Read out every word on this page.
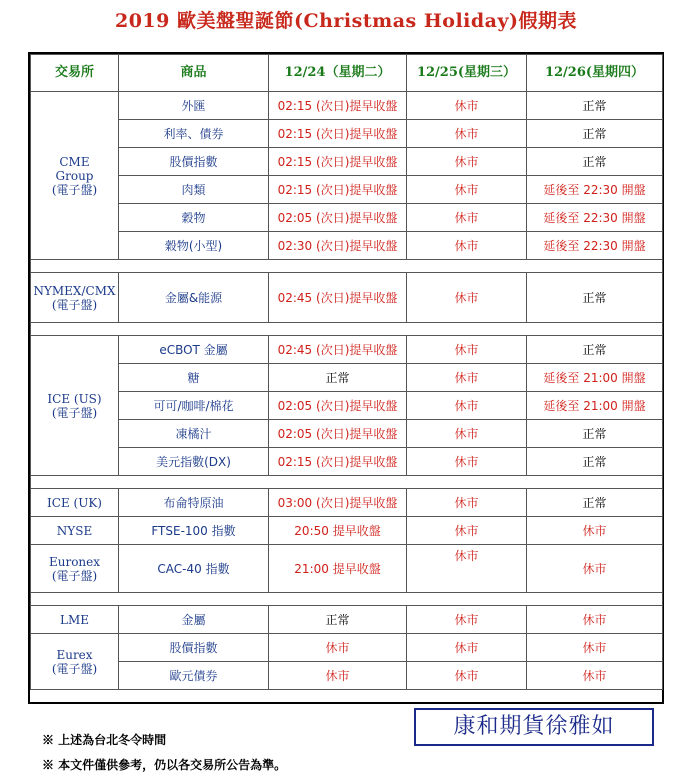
2019 歐美盤聖誕節(Christmas Holiday)假期表
交易所	商品	12/24（星期二）	12/25(星期三）	12/26(星期四）

CME
Group
(電子盤)	外匯	02:15 (次日)提早收盤	休市	正常
	利率、債券	02:15 (次日)提早收盤	休市	正常
	股價指數	02:15 (次日)提早收盤	休市	正常
	肉類	02:15 (次日)提早收盤	休市	延後至 22:30 開盤
	穀物	02:05 (次日)提早收盤	休市	延後至 22:30 開盤
	穀物(小型)	02:30 (次日)提早收盤	休市	延後至 22:30 開盤

NYMEX/CMX
(電子盤)	金屬&能源	02:45 (次日)提早收盤	休市	正常

ICE (US)
(電子盤)	eCBOT 金屬	02:45 (次日)提早收盤	休市	正常
	糖	正常	休市	延後至 21:00 開盤
	可可/咖啡/棉花	02:05 (次日)提早收盤	休市	延後至 21:00 開盤
	凍橘汁	02:05 (次日)提早收盤	休市	正常
	美元指數(DX)	02:15 (次日)提早收盤	休市	正常

ICE (UK)	布侖特原油	03:00 (次日)提早收盤	休市	正常
NYSE	FTSE-100 指數	20:50 提早收盤	休市	休市

Euronex
(電子盤)	CAC-40 指數	21:00 提早收盤	休市	休市

LME	金屬	正常	休市	休市

Eurex
(電子盤)	股價指數	休市	休市	休市
	歐元債券	休市	休市	休市
康和期貨徐雅如
※ 上述為台北冬令時間
※ 本文件僅供參考，仍以各交易所公告為準。
